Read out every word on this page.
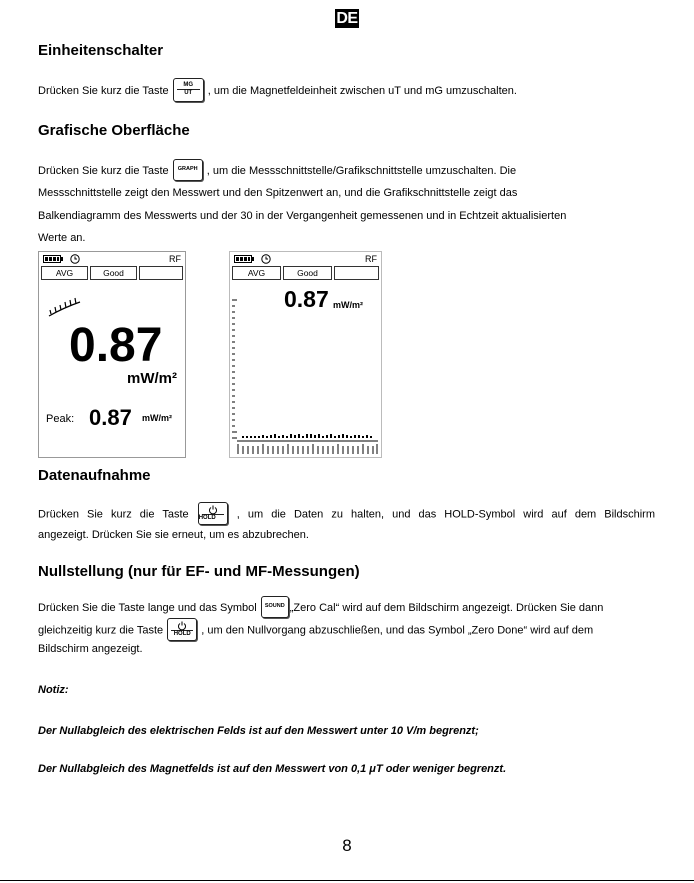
DE
Einheitenschalter
Drücken Sie kurz die Taste $\frac{MG}{UT}$ , um die Magnetfeldeinheit zwischen uT und mG umzuschalten.
Grafische Oberfläche
Drücken Sie kurz die Taste GRAPH , um die Messschnittstelle/Grafikschnittstelle umzuschalten. Die
Messschnittstelle zeigt den Messwert und den Spitzenwert an, und die Grafikschnittstelle zeigt das
Balkendiagramm des Messwerts und der 30 in der Vergangenheit gemessenen und in Echtzeit aktualisierten
Werte an.
RF
AVG	Good
0.87
mW/m²
Peak: 0.87 mW/m²
RF
AVG	Good
0.87 mW/m²
Datenaufnahme
Drücken Sie kurz die Taste HOLD	, um die Daten zu halten, und das HOLD-Symbol wird auf dem Bildschirm
angezeigt. Drücken Sie sie erneut, um es abzubrechen.
Nullstellung (nur für EF- und MF-Messungen)
Drücken Sie die Taste lange und das Symbol SOUND „Zero Cal“ wird auf dem Bildschirm angezeigt. Drücken Sie dann
gleichzeitig kurz die Taste	HOLD , um den Nullvorgang abzuschließen, und das Symbol „Zero Done“ wird auf dem
Bildschirm angezeigt.
Notiz:
Der Nullabgleich des elektrischen Felds ist auf den Messwert unter 10 V/m begrenzt;
Der Nullabgleich des Magnetfelds ist auf den Messwert von 0,1 μT oder weniger begrenzt.
8
